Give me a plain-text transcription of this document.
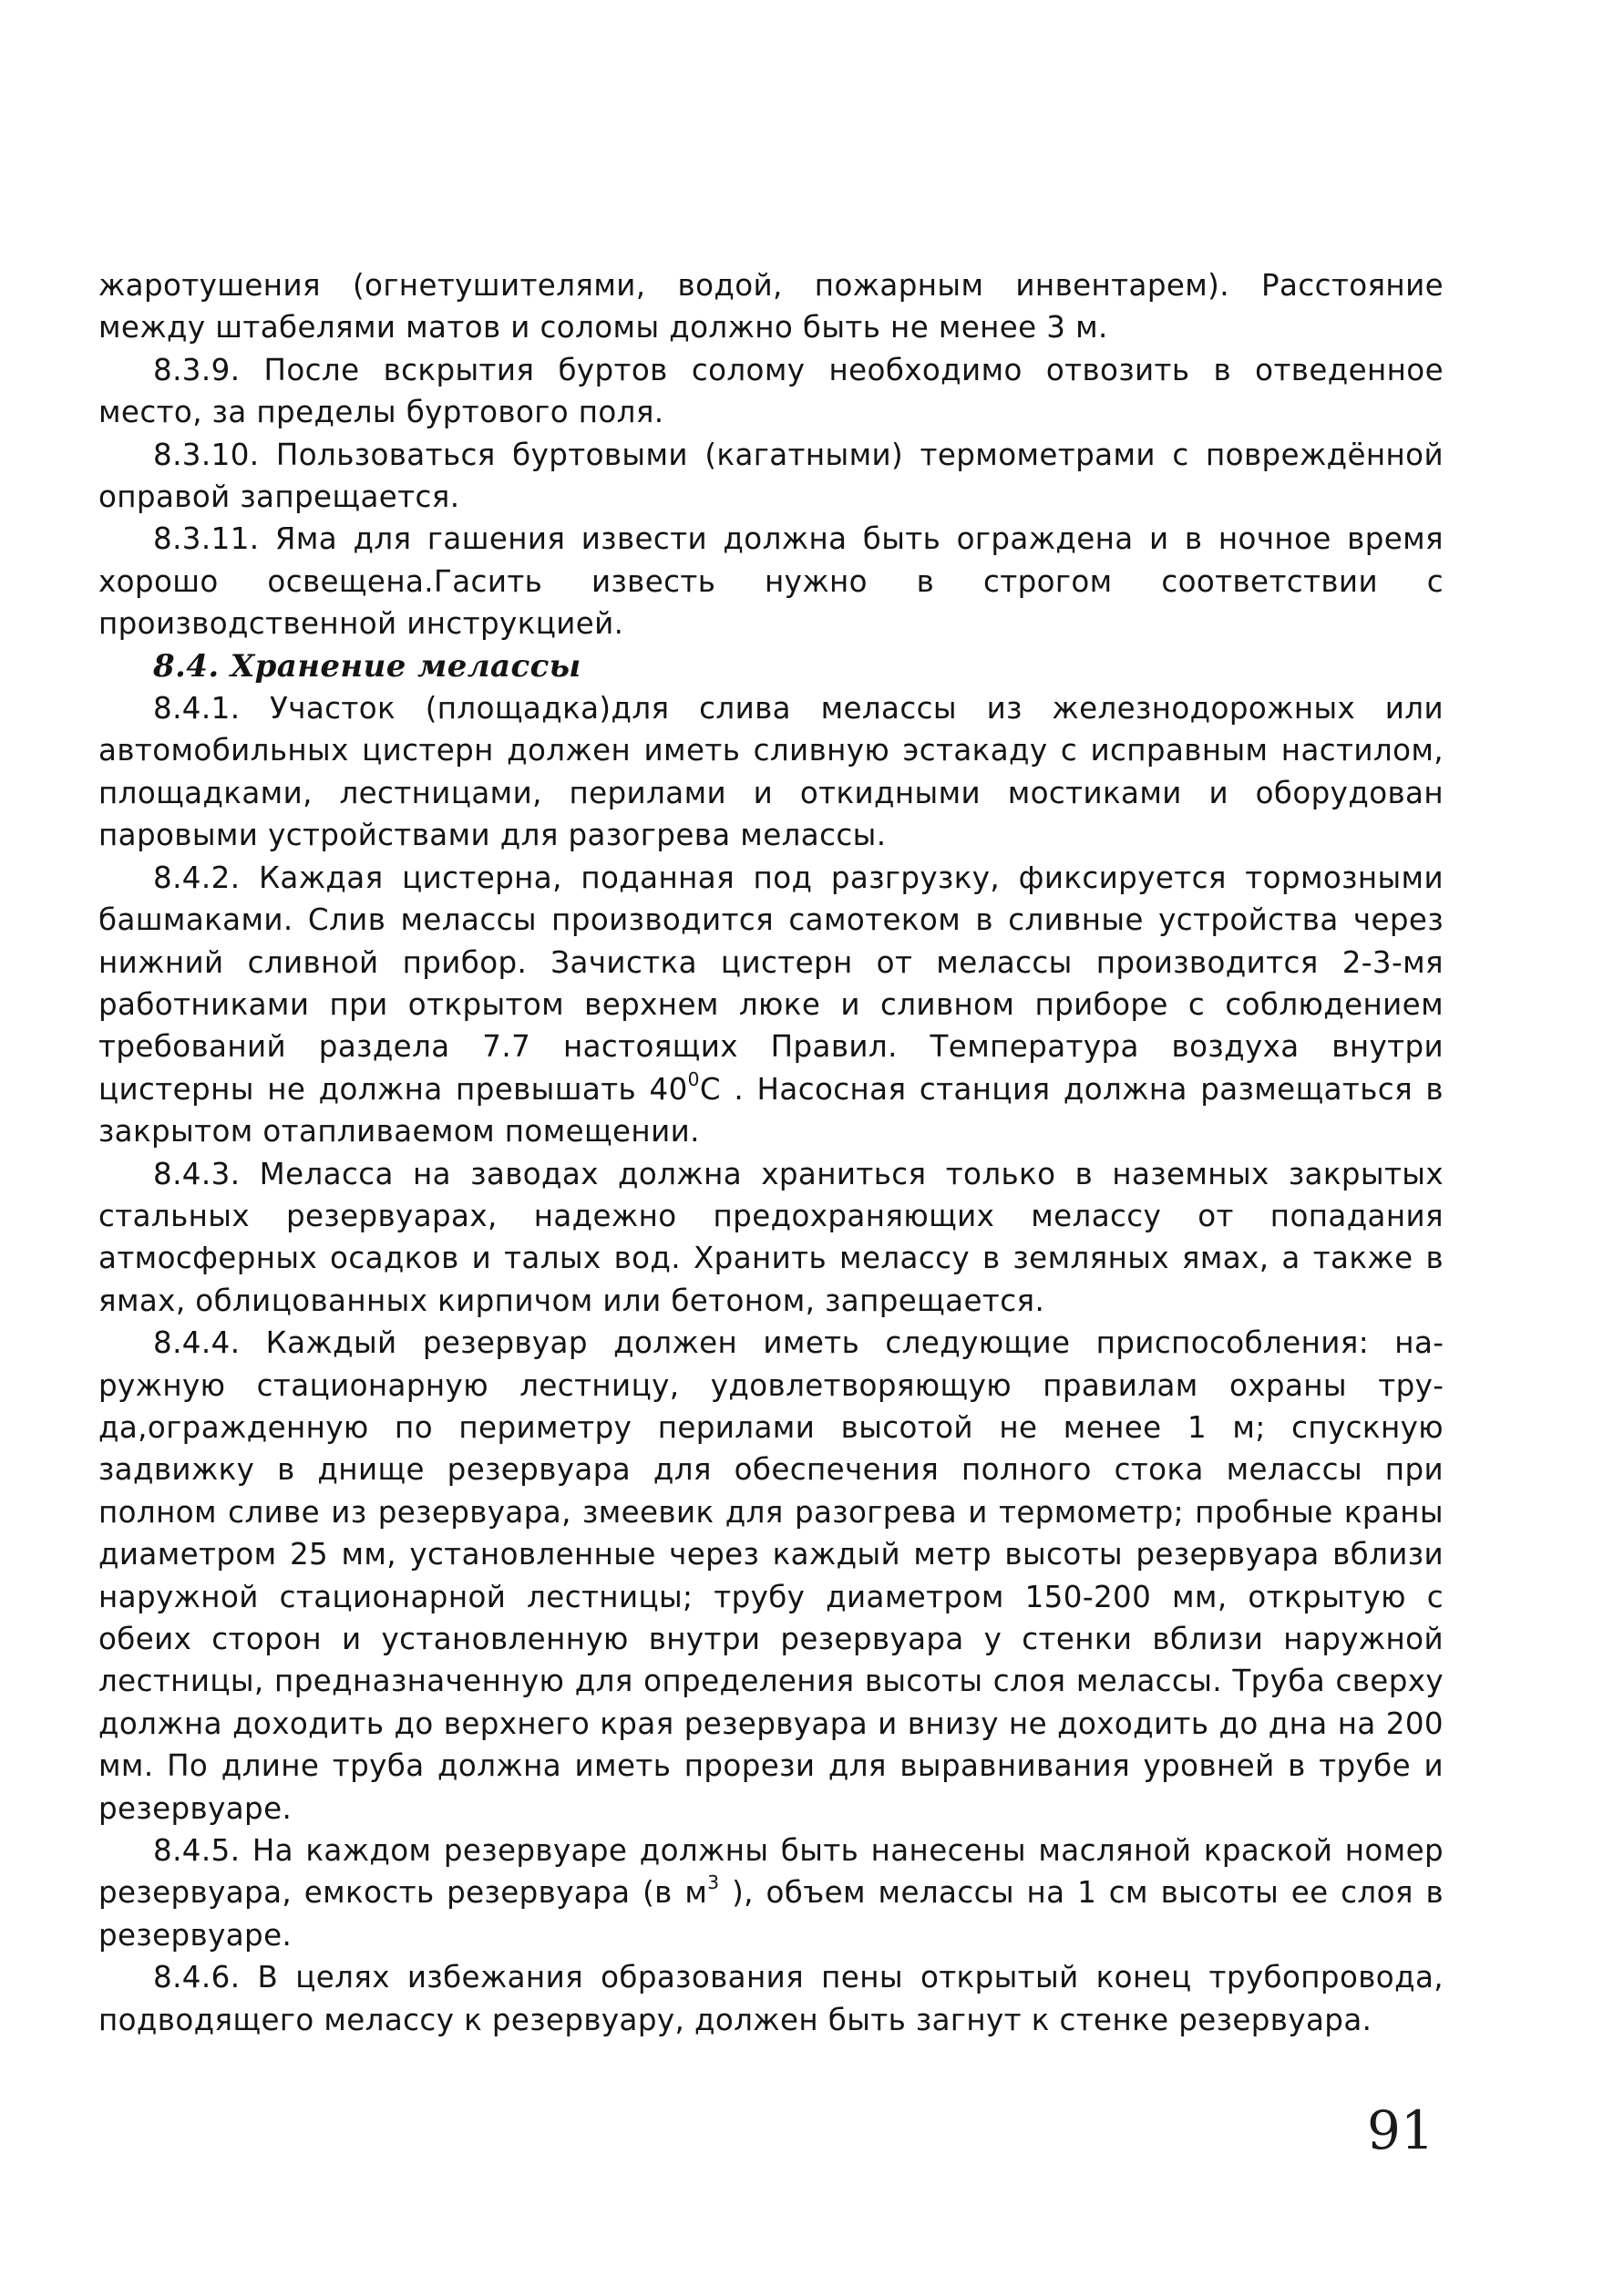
жаротушения (огнетушителями, водой, пожарным инвентарем). Расстояние между штабелями матов и соломы должно быть не менее 3 м.

8.3.9. После вскрытия буртов солому необходимо отвозить в отведенное место, за пределы буртового поля.

8.3.10. Пользоваться буртовыми (кагатными) термометрами с повреждённой оправой запрещается.

8.3.11. Яма для гашения извести должна быть ограждена и в ночное время хорошо освещена.Гасить известь нужно в строгом соответствии с производственной инструкцией.

8.4. Хранение мелассы

8.4.1. Участок (площадка)для слива мелассы из железнодорожных или автомобильных цистерн должен иметь сливную эстакаду с исправным настилом, площадками, лестницами, перилами и откидными мостиками и оборудован паровыми устройствами для разогрева мелассы.

8.4.2. Каждая цистерна, поданная под разгрузку, фиксируется тормозными башмаками. Слив мелассы производится самотеком в сливные устройства через нижний сливной прибор. Зачистка цистерн от мелассы производится 2-3-мя работниками при открытом верхнем люке и сливном приборе с соблюдением требований раздела 7.7 настоящих Правил. Температура воздуха внутри цистерны не должна превышать $40^0С$ . Насосная станция должна размещаться в закрытом отапливаемом помещении.

8.4.3. Меласса на заводах должна храниться только в наземных закрытых стальных резервуарах, надежно предохраняющих мелассу от попадания атмосферных осадков и талых вод. Хранить мелассу в земляных ямах, а также в ямах, облицованных кирпичом или бетоном, запрещается.

8.4.4. Каждый резервуар должен иметь следующие приспособления: наружную стационарную лестницу, удовлетворяющую правилам охраны труда,огражденную по периметру перилами высотой не менее 1 м; спускную задвижку в днище резервуара для обеспечения полного стока мелассы при полном сливе из резервуара, змеевик для разогрева и термометр; пробные краны диаметром 25 мм, установленные через каждый метр высоты резервуара вблизи наружной стационарной лестницы; трубу диаметром 150-200 мм, открытую с обеих сторон и установленную внутри резервуара у стенки вблизи наружной лестницы, предназначенную для определения высоты слоя мелассы. Труба сверху должна доходить до верхнего края резервуара и внизу не доходить до дна на 200 мм. По длине труба должна иметь прорези для выравнивания уровней в трубе и резервуаре.

8.4.5. На каждом резервуаре должны быть нанесены масляной краской номер резервуара, емкость резервуара (в $м^3$ ), объем мелассы на 1 см высоты ее слоя в резервуаре.

8.4.6. В целях избежания образования пены открытый конец трубопровода, подводящего мелассу к резервуару, должен быть загнут к стенке резервуара.

91
